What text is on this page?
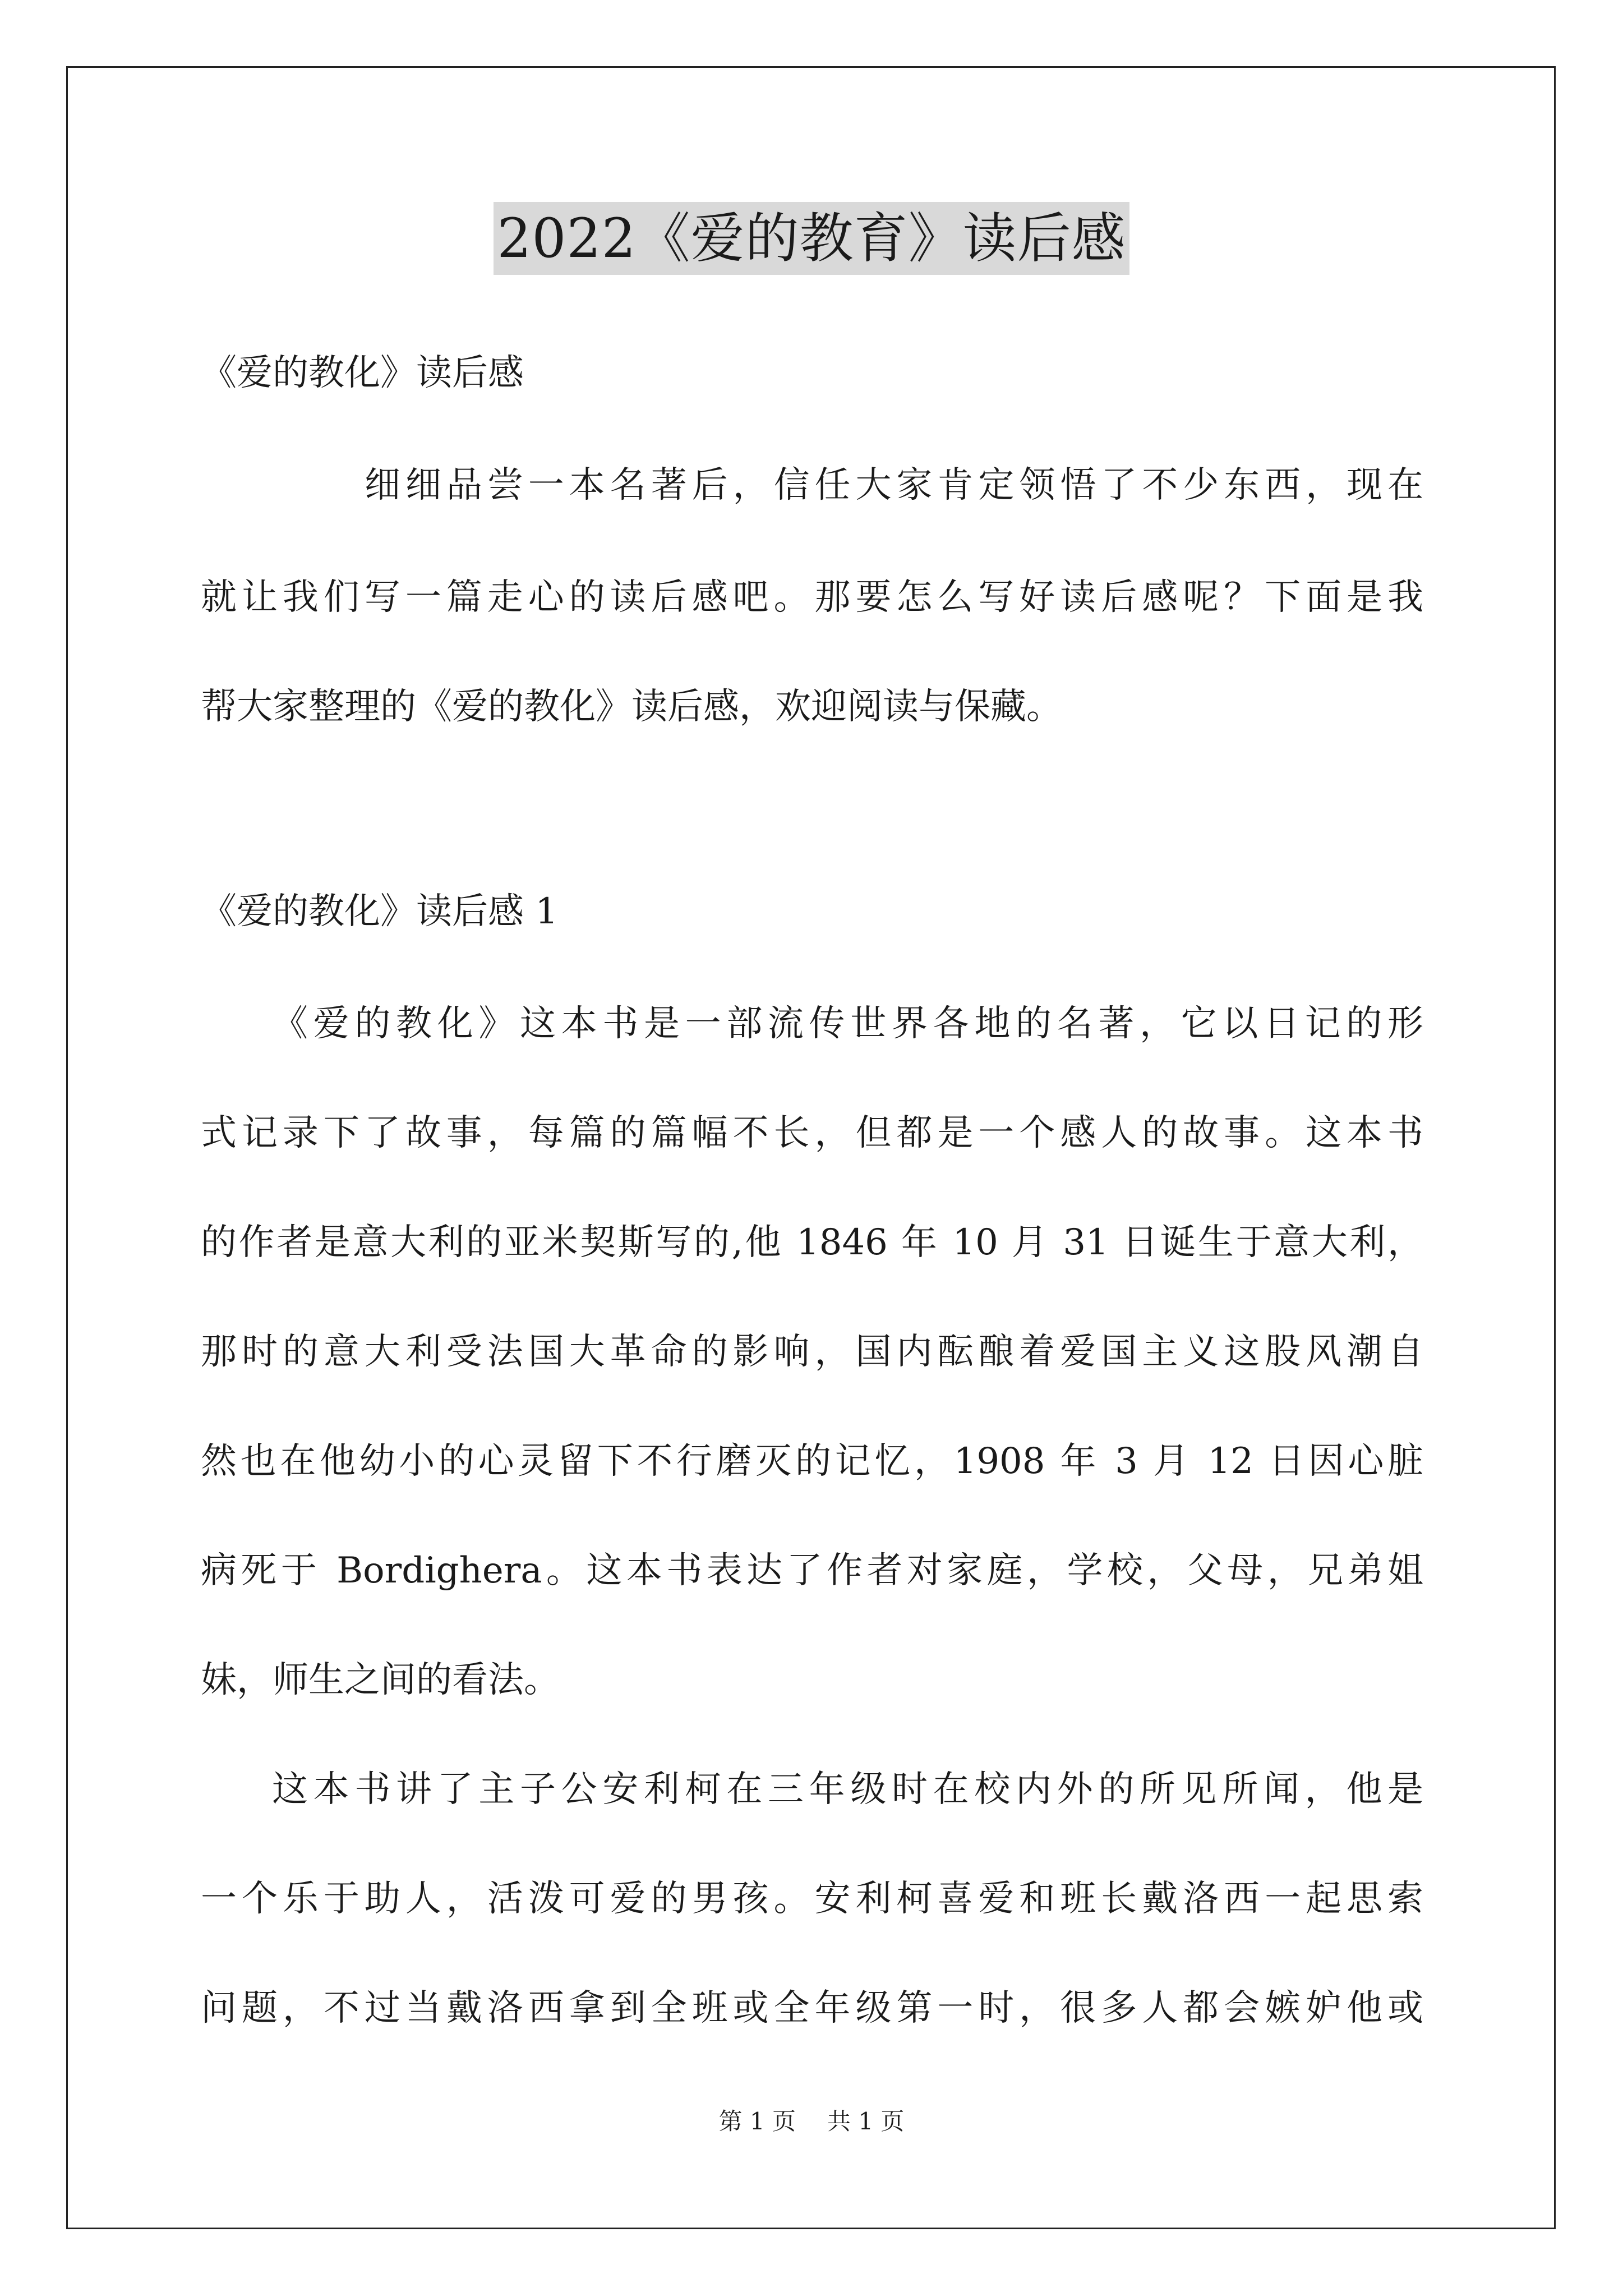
2022《爱的教育》读后感
《爱的教化》读后感
细细品尝一本名著后，信任大家肯定领悟了不少东西，现在
就让我们写一篇走心的读后感吧。那要怎么写好读后感呢？下面是我
帮大家整理的《爱的教化》读后感，欢迎阅读与保藏。
《爱的教化》读后感 1
《爱的教化》这本书是一部流传世界各地的名著，它以日记的形
式记录下了故事，每篇的篇幅不长，但都是一个感人的故事。这本书
的作者是意大利的亚米契斯写的,他 1846 年 10 月 31 日诞生于意大利，
那时的意大利受法国大革命的影响，国内酝酿着爱国主义这股风潮自
然也在他幼小的心灵留下不行磨灭的记忆，1908 年 3 月 12 日因心脏
病死于 Bordighera。这本书表达了作者对家庭，学校，父母，兄弟姐
妹，师生之间的看法。
这本书讲了主子公安利柯在三年级时在校内外的所见所闻，他是
一个乐于助人，活泼可爱的男孩。安利柯喜爱和班长戴洛西一起思索
问题，不过当戴洛西拿到全班或全年级第一时，很多人都会嫉妒他或
第 1 页 共 1 页
